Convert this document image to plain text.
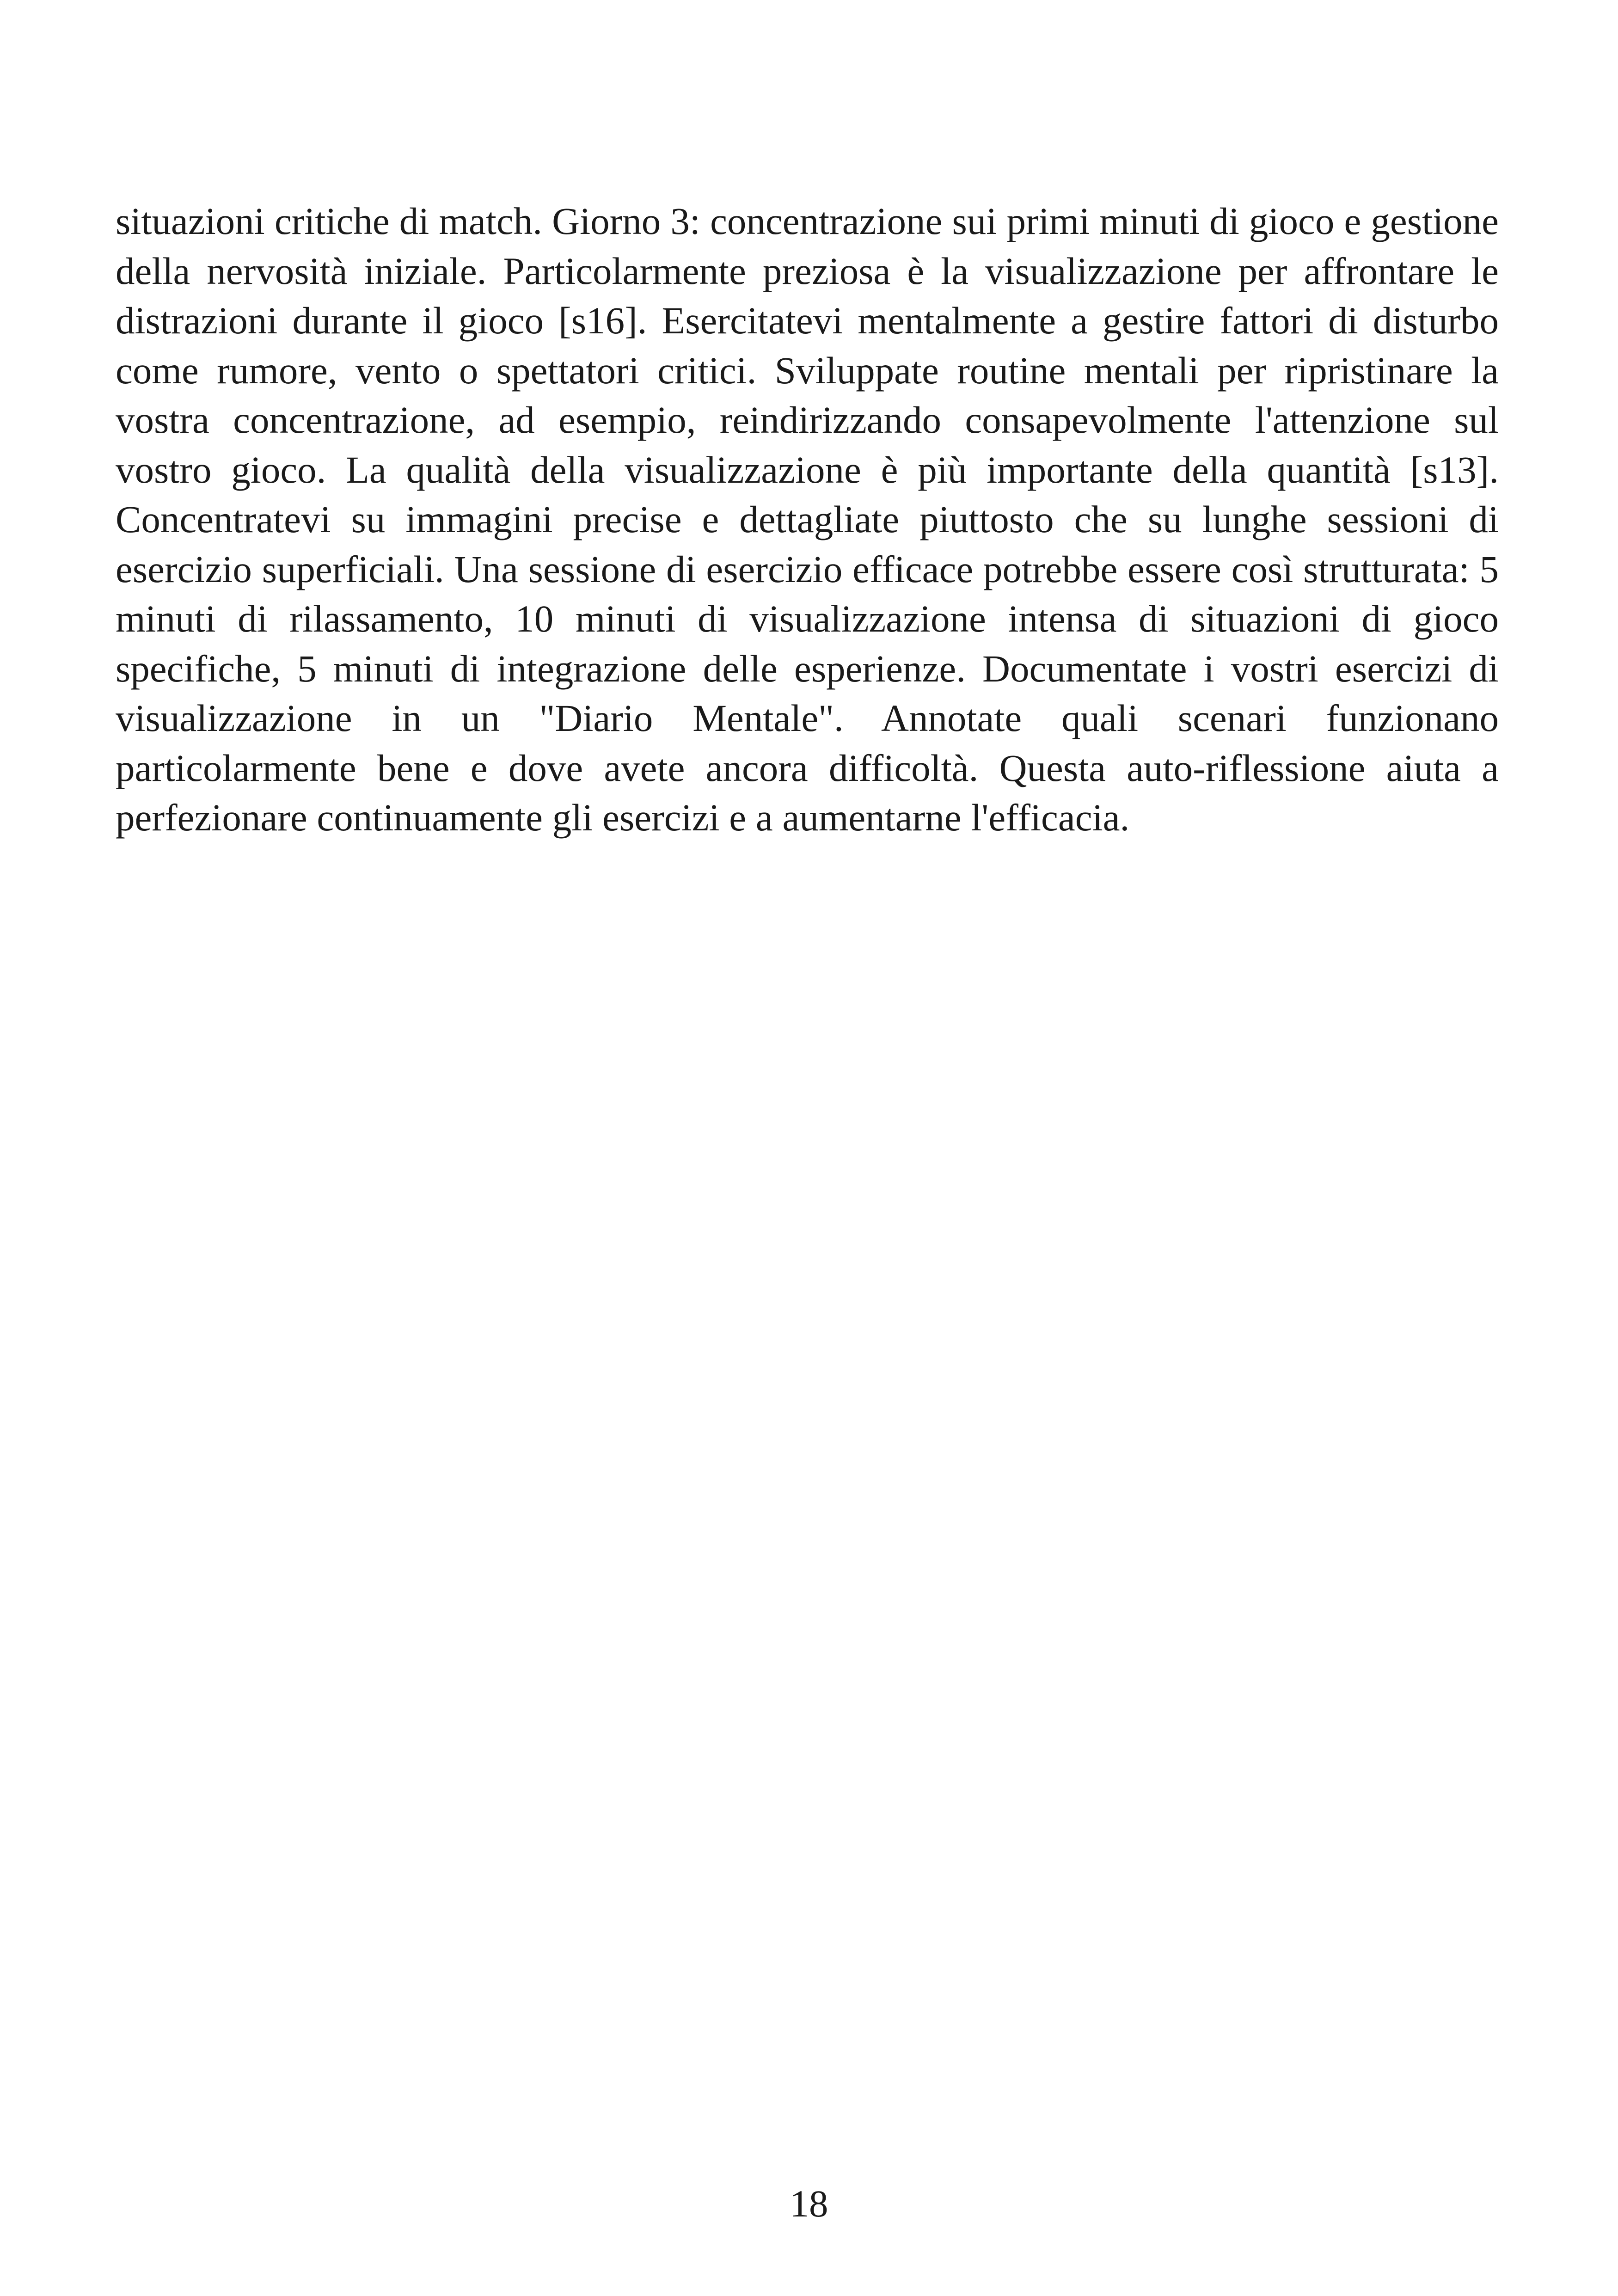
situazioni critiche di match. Giorno 3: concentrazione sui primi minuti di gioco e gestione della nervosità iniziale. Particolarmente preziosa è la visualizzazione per affrontare le distrazioni durante il gioco [s16]. Esercitatevi mentalmente a gestire fattori di disturbo come rumore, vento o spettatori critici. Sviluppate routine mentali per ripristinare la vostra concentrazione, ad esempio, reindirizzando consapevolmente l'attenzione sul vostro gioco. La qualità della visualizzazione è più importante della quantità [s13]. Concentratevi su immagini precise e dettagliate piuttosto che su lunghe sessioni di esercizio superficiali. Una sessione di esercizio efficace potrebbe essere così strutturata: 5 minuti di rilassamento, 10 minuti di visualizzazione intensa di situazioni di gioco specifiche, 5 minuti di integrazione delle esperienze. Documentate i vostri esercizi di visualizzazione in un "Diario Mentale". Annotate quali scenari funzionano particolarmente bene e dove avete ancora difficoltà. Questa auto-riflessione aiuta a perfezionare continuamente gli esercizi e a aumentarne l'efficacia.

18
